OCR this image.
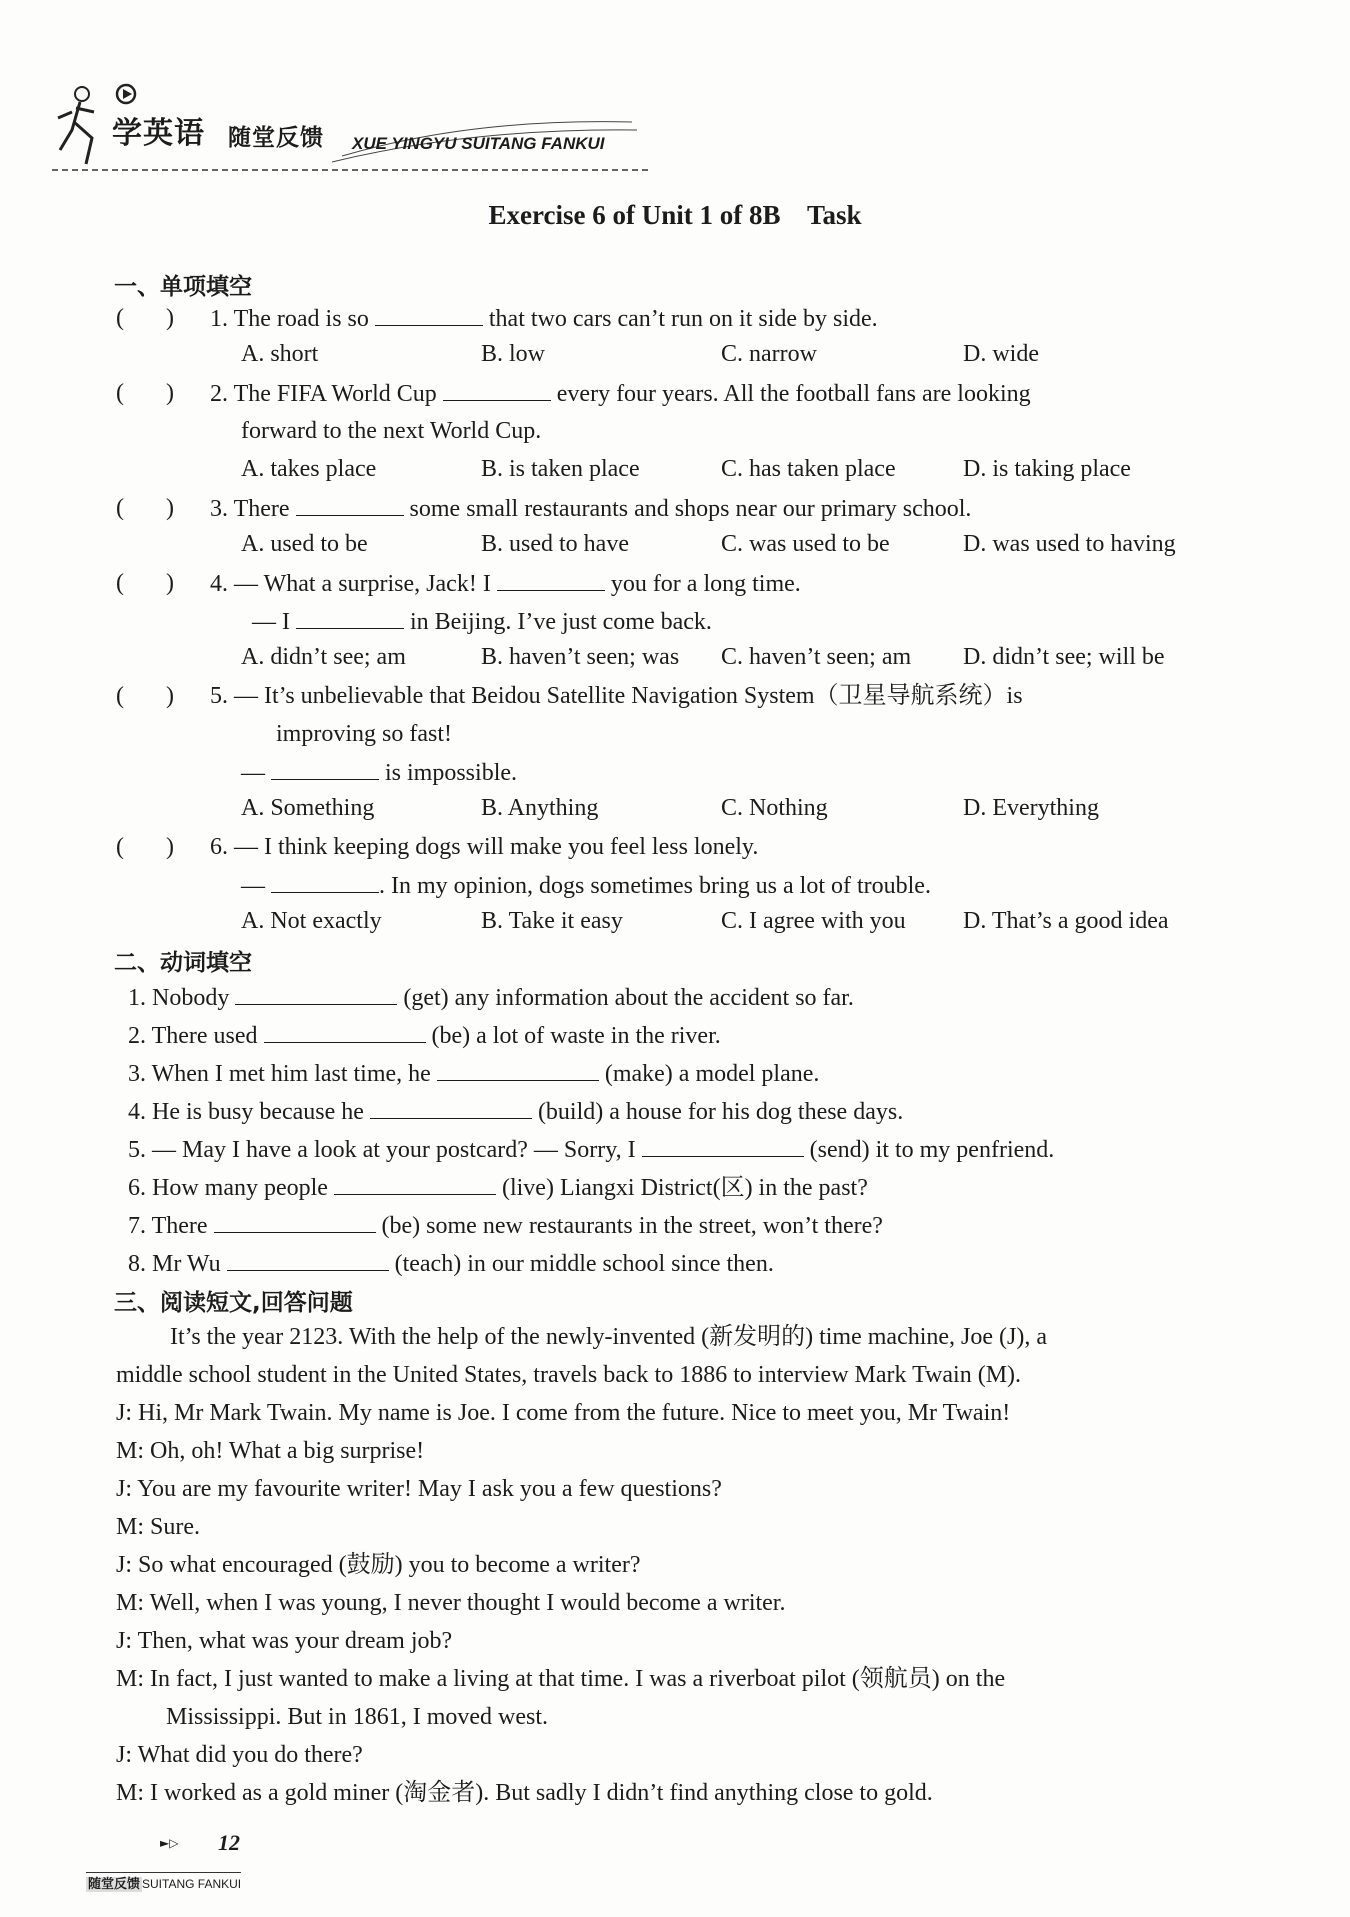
学英语 随堂反馈 XUE YINGYU SUITANG FANKUI
Exercise 6 of Unit 1 of 8B    Task
一、单项填空
(       ) 1. The road is so	that two cars can’t run on it side by side.
A. short	B. low	C. narrow	D. wide
(       ) 2. The FIFA World Cup	every four years. All the football fans are looking
forward to the next World Cup.
A. takes place	B. is taken place	C. has taken place	D. is taking place
(       ) 3. There	some small restaurants and shops near our primary school.
A. used to be	B. used to have	C. was used to be	D. was used to having
(       ) 4. — What a surprise, Jack! I	you for a long time.
— I	in Beijing. I’ve just come back.
A. didn’t see; am	B. haven’t seen; was C. haven’t seen; am D. didn’t see; will be
(       ) 5. — It’s unbelievable that Beidou Satellite Navigation System（卫星导航系统）is
improving so fast!
—	is impossible.
A. Something	B. Anything	C. Nothing	D. Everything
(       ) 6. — I think keeping dogs will make you feel less lonely.
—	. In my opinion, dogs sometimes bring us a lot of trouble.
A. Not exactly	B. Take it easy	C. I agree with you D. That’s a good idea
二、动词填空
1. Nobody	(get) any information about the accident so far.
2. There used	(be) a lot of waste in the river.
3. When I met him last time, he	(make) a model plane.
4. He is busy because he	(build) a house for his dog these days.
5. — May I have a look at your postcard? — Sorry, I	(send) it to my penfriend.
6. How many people	(live) Liangxi District(区) in the past?
7. There	(be) some new restaurants in the street, won’t there?
8. Mr Wu	(teach) in our middle school since then.
三、阅读短文,回答问题
It’s the year 2123. With the help of the newly-invented (新发明的) time machine, Joe (J), a
middle school student in the United States, travels back to 1886 to interview Mark Twain (M).
J: Hi, Mr Mark Twain. My name is Joe. I come from the future. Nice to meet you, Mr Twain!
M: Oh, oh! What a big surprise!
J: You are my favourite writer! May I ask you a few questions?
M: Sure.
J: So what encouraged (鼓励) you to become a writer?
M: Well, when I was young, I never thought I would become a writer.
J: Then, what was your dream job?
M: In fact, I just wanted to make a living at that time. I was a riverboat pilot (领航员) on the
Mississippi. But in 1861, I moved west.
J: What did you do there?
M: I worked as a gold miner (淘金者). But sadly I didn’t find anything close to gold.
►▷ 12
随堂反馈 SUITANG FANKUI
